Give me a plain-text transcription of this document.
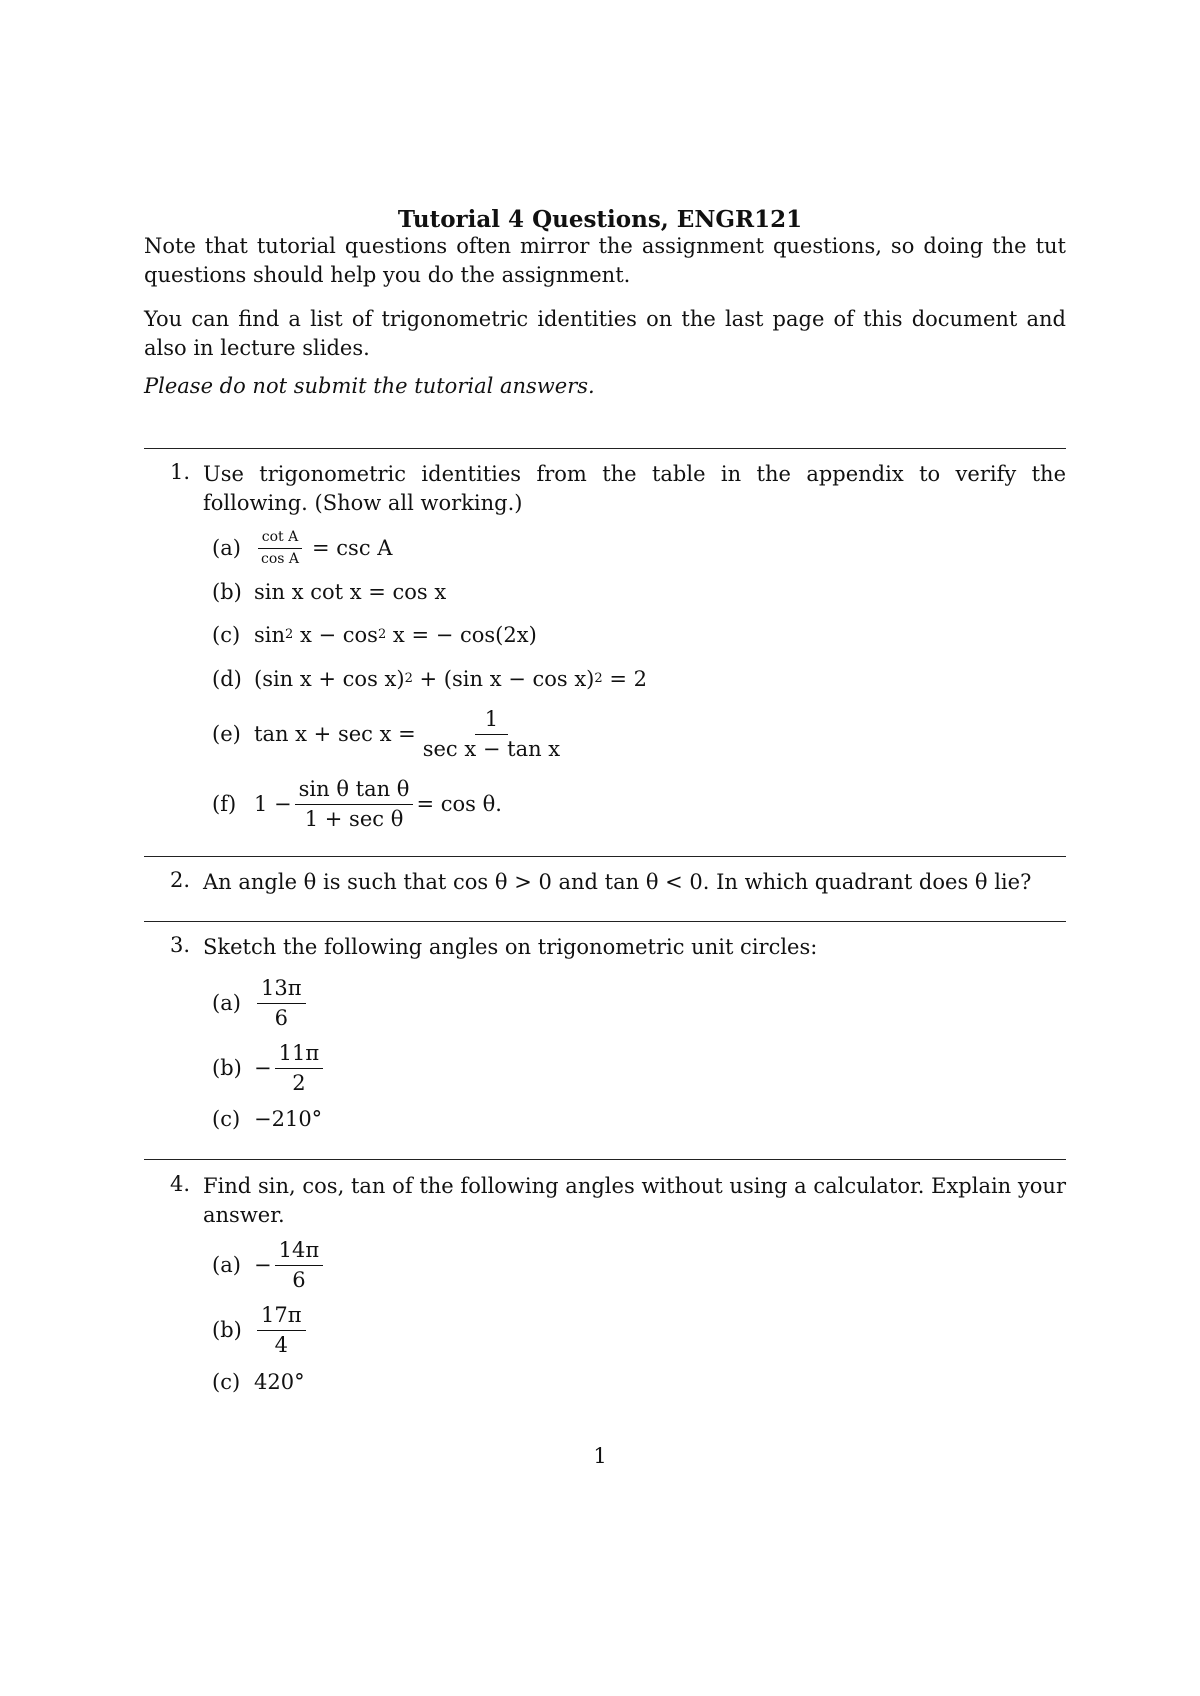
Tutorial 4 Questions, ENGR121
Note that tutorial questions often mirror the assignment questions, so doing the tut questions should help you do the assignment.
You can find a list of trigonometric identities on the last page of this document and also in lecture slides.
Please do not submit the tutorial answers.
1. Use trigonometric identities from the table in the appendix to verify the following. (Show all working.)
(a)	$\frac{\text{cot A}}{\text{cos A}} = \csc A$
(b) sin x cot x = cos x
(c) sin 2 x − cos 2 x = − cos(2x)
(d) (sin x + cos x) 2 + (sin x − cos x) 2 = 2
(e) $\tan x + \sec x = \frac{1}{\text{sec x − tan x}}$
(f) $1 - \frac{\text{sin θ tan θ}}{\text{1 + sec θ}} = \cos \theta$.
2. An angle θ is such that cos θ > 0 and tan θ < 0. In which quadrant does θ lie?
3. Sketch the following angles on trigonometric unit circles:
$(a) \frac{13\pi}{6}$
$(b) - \frac{11\pi}{2}$
(c) −210°
4. Find sin, cos, tan of the following angles without using a calculator. Explain your answer.
$(a) - \frac{14\pi}{6}$
$(b) \frac{17\pi}{4}$
(c) 420°
1
